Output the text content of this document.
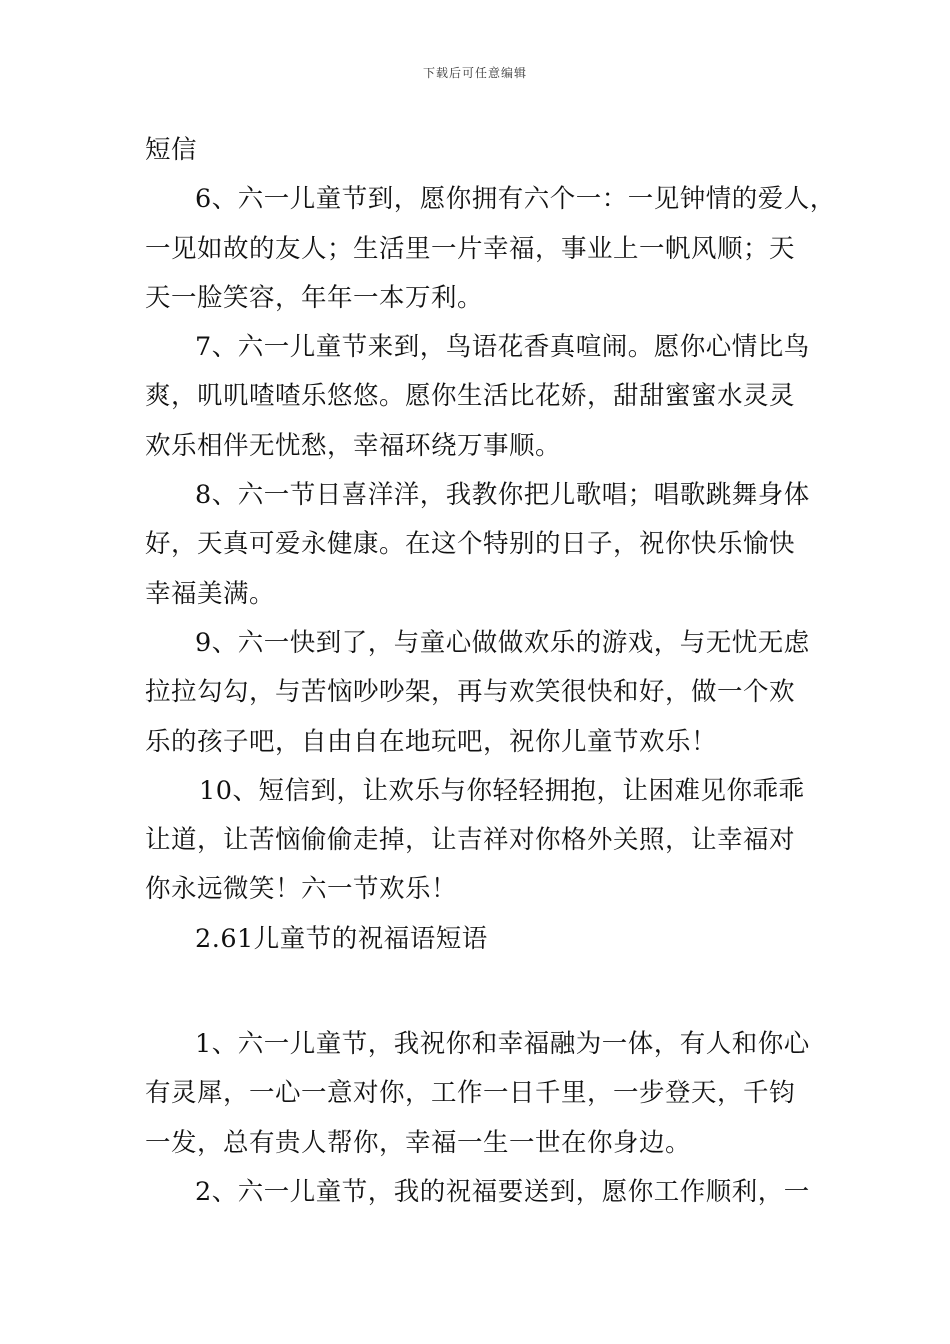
下载后可任意编辑
短信
6、六一儿童节到，愿你拥有六个一：一见钟情的爱人，
一见如故的友人；生活里一片幸福，事业上一帆风顺；天
天一脸笑容，年年一本万利。
7、六一儿童节来到，鸟语花香真喧闹。愿你心情比鸟
爽，叽叽喳喳乐悠悠。愿你生活比花娇，甜甜蜜蜜水灵灵
欢乐相伴无忧愁，幸福环绕万事顺。
8、六一节日喜洋洋，我教你把儿歌唱；唱歌跳舞身体
好，天真可爱永健康。在这个特别的日子，祝你快乐愉快
幸福美满。
9、六一快到了，与童心做做欢乐的游戏，与无忧无虑
拉拉勾勾，与苦恼吵吵架，再与欢笑很快和好，做一个欢
乐的孩子吧，自由自在地玩吧，祝你儿童节欢乐！
10、短信到，让欢乐与你轻轻拥抱，让困难见你乖乖
让道，让苦恼偷偷走掉，让吉祥对你格外关照，让幸福对
你永远微笑！六一节欢乐！
2.61儿童节的祝福语短语
1、六一儿童节，我祝你和幸福融为一体，有人和你心
有灵犀，一心一意对你，工作一日千里，一步登天，千钧
一发，总有贵人帮你，幸福一生一世在你身边。
2、六一儿童节，我的祝福要送到，愿你工作顺利，一
